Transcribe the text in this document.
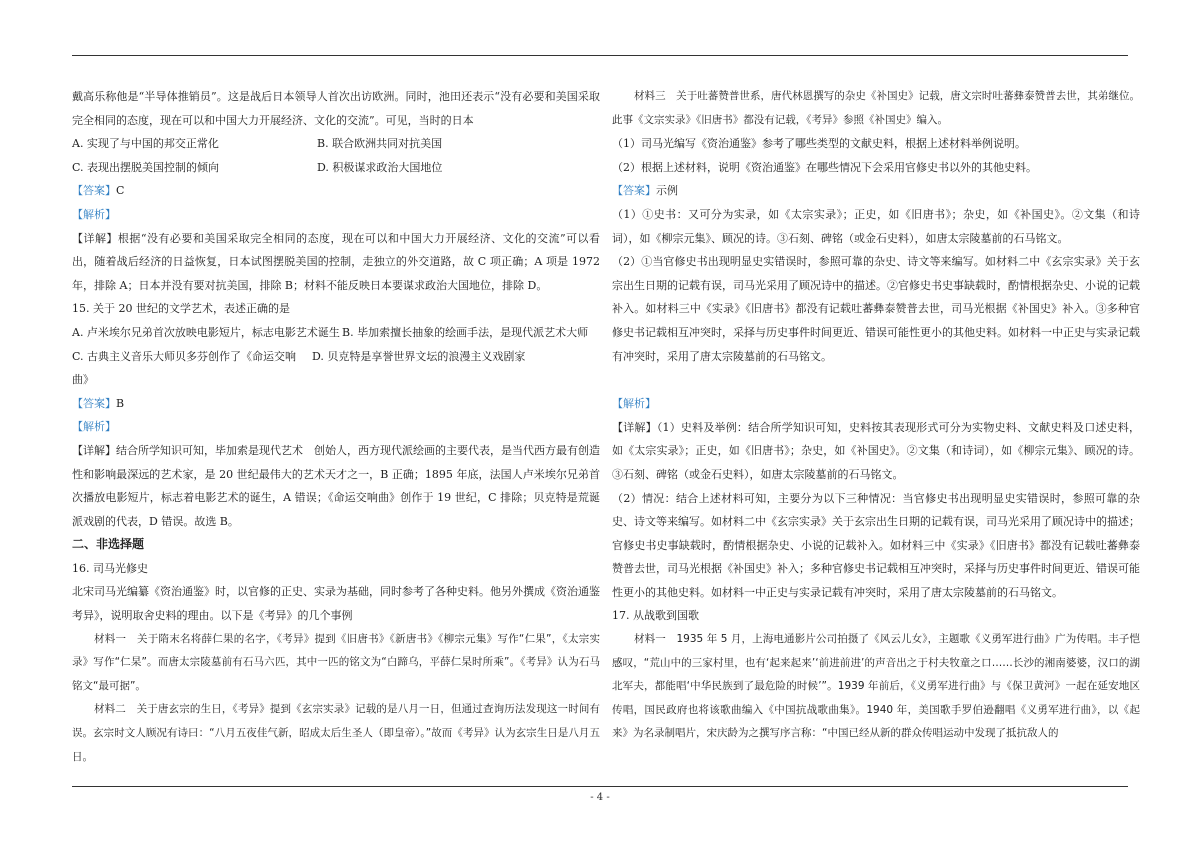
戴高乐称他是“半导体推销员”。这是战后日本领导人首次出访欧洲。同时，池田还表示“没有必要和美国采取完全相同的态度，现在可以和中国大力开展经济、文化的交流”。可见，当时的日本

A. 实现了与中国的邦交正常化	B. 联合欧洲共同对抗美国
C. 表现出摆脱美国控制的倾向	D. 积极谋求政治大国地位

【答案】C

【解析】

【详解】根据“没有必要和美国采取完全相同的态度，现在可以和中国大力开展经济、文化的交流”可以看出，随着战后经济的日益恢复，日本试图摆脱美国的控制，走独立的外交道路，故 C 项正确；A 项是 1972 年，排除 A；日本并没有要对抗美国，排除 B；材料不能反映日本要谋求政治大国地位，排除 D。

15. 关于 20 世纪的文学艺术，表述正确的是

A. 卢米埃尔兄弟首次放映电影短片，标志电影艺术诞生 B. 毕加索擅长抽象的绘画手法，是现代派艺术大师
C. 古典主义音乐大师贝多芬创作了《命运交响曲》
D. 贝克特是享誉世界文坛的浪漫主义戏剧家

【答案】B

【解析】

【详解】结合所学知识可知，毕加索是现代艺术　创始人，西方现代派绘画的主要代表，是当代西方最有创造性和影响最深远的艺术家，是 20 世纪最伟大的艺术天才之一，B 正确；1895 年底，法国人卢米埃尔兄弟首次播放电影短片，标志着电影艺术的诞生，A 错误；《命运交响曲》创作于 19 世纪，C 排除；贝克特是荒诞派戏剧的代表，D 错误。故选 B。

二、非选择题

16. 司马光修史

北宋司马光编纂《资治通鉴》时，以官修的正史、实录为基础，同时参考了各种史料。他另外撰成《资治通鉴考异》，说明取舍史料的理由。以下是《考异》的几个事例

材料一　关于隋末名将薛仁果的名字，《考异》提到《旧唐书》《新唐书》《柳宗元集》写作“仁果”，《太宗实录》写作“仁杲”。而唐太宗陵墓前有石马六匹，其中一匹的铭文为“白蹄乌，平薛仁杲时所乘”。《考异》认为石马铭文“最可据”。

材料二　关于唐玄宗的生日，《考异》提到《玄宗实录》记载的是八月一日，但通过查询历法发现这一时间有误。玄宗时文人顾况有诗曰：“八月五夜佳气新，昭成太后生圣人（即皇帝）。”故而《考异》认为玄宗生日是八月五日。

材料三　关于吐蕃赞普世系，唐代林恩撰写的杂史《补国史》记载，唐文宗时吐蕃彝泰赞普去世，其弟继位。此事《文宗实录》《旧唐书》都没有记载，《考异》参照《补国史》编入。

（1）司马光编写《资治通鉴》参考了哪些类型的文献史料，根据上述材料举例说明。

（2）根据上述材料，说明《资治通鉴》在哪些情况下会采用官修史书以外的其他史料。

【答案】示例

（1）①史书：又可分为实录，如《太宗实录》；正史，如《旧唐书》；杂史，如《补国史》。②文集（和诗词），如《柳宗元集》、顾况的诗。③石刻、碑铭（或金石史料），如唐太宗陵墓前的石马铭文。

（2）①当官修史书出现明显史实错误时，参照可靠的杂史、诗文等来编写。如材料二中《玄宗实录》关于玄宗出生日期的记载有误，司马光采用了顾况诗中的描述。②官修史书史事缺载时，酌情根据杂史、小说的记载补入。如材料三中《实录》《旧唐书》都没有记载吐蕃彝泰赞普去世，司马光根据《补国史》补入。③多种官修史书记载相互冲突时，采择与历史事件时间更近、错误可能性更小的其他史料。如材料一中正史与实录记载有冲突时，采用了唐太宗陵墓前的石马铭文。

【解析】

【详解】（1）史料及举例：结合所学知识可知，史料按其表现形式可分为实物史料、文献史料及口述史料，如《太宗实录》；正史，如《旧唐书》；杂史，如《补国史》。②文集（和诗词），如《柳宗元集》、顾况的诗。③石刻、碑铭（或金石史料），如唐太宗陵墓前的石马铭文。

（2）情况：结合上述材料可知，主要分为以下三种情况：当官修史书出现明显史实错误时，参照可靠的杂史、诗文等来编写。如材料二中《玄宗实录》关于玄宗出生日期的记载有误，司马光采用了顾况诗中的描述；官修史书史事缺载时，酌情根据杂史、小说的记载补入。如材料三中《实录》《旧唐书》都没有记载吐蕃彝泰赞普去世，司马光根据《补国史》补入；多种官修史书记载相互冲突时，采择与历史事件时间更近、错误可能性更小的其他史料。如材料一中正史与实录记载有冲突时，采用了唐太宗陵墓前的石马铭文。

17. 从战歌到国歌

材料一　1935 年 5 月，上海电通影片公司拍摄了《风云儿女》，主题歌《义勇军进行曲》广为传唱。丰子恺感叹，“荒山中的三家村里，也有‘起来起来’‘前进前进’的声音出之于村夫牧童之口……长沙的湘南婆婆，汉口的湖北军夫，都能唱‘中华民族到了最危险的时候’”。1939 年前后，《义勇军进行曲》与《保卫黄河》一起在延安地区传唱，国民政府也将该歌曲编入《中国抗战歌曲集》。1940 年，美国歌手罗伯逊翻唱《义勇军进行曲》，以《起来》为名录制唱片，宋庆龄为之撰写序言称：“中国已经从新的群众传唱运动中发现了抵抗敌人的

- 4 -
